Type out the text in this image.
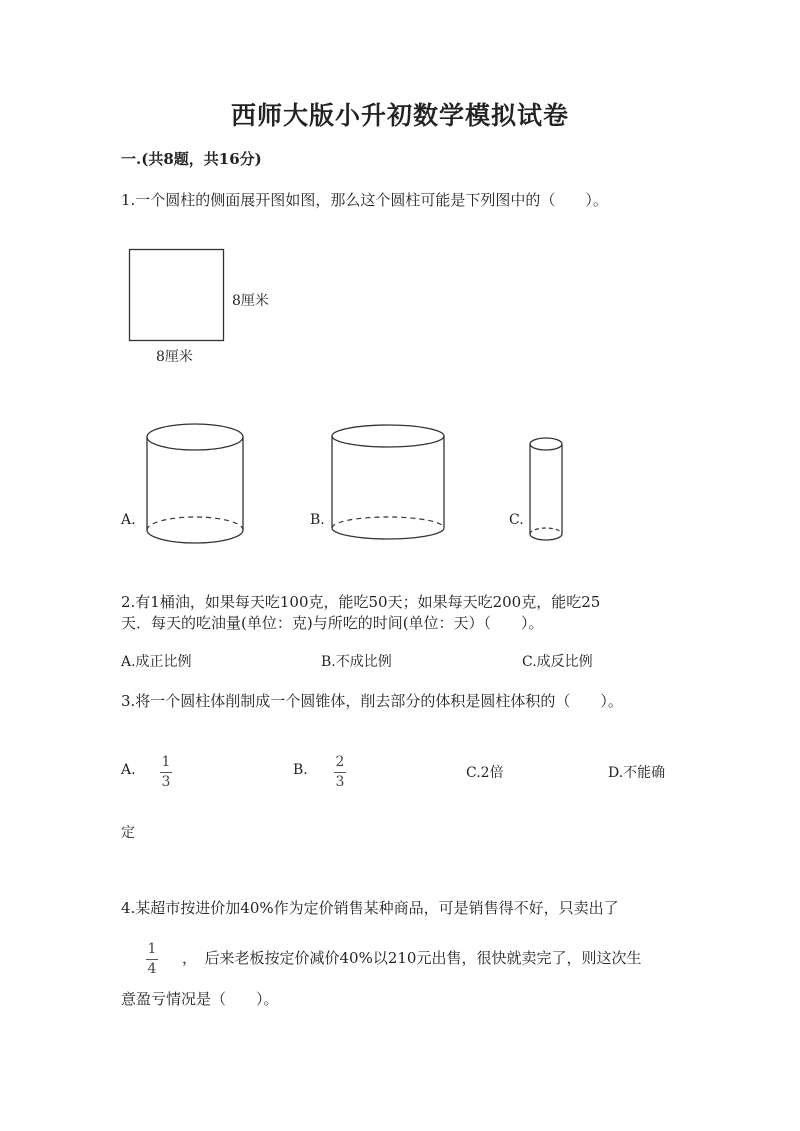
西师大版小升初数学模拟试卷
一.(共8题，共16分)
1.一个圆柱的侧面展开图如图，那么这个圆柱可能是下列图中的（　　）。
8厘米
8厘米
A.	B.	C.
2.有1桶油，如果每天吃100克，能吃50天；如果每天吃200克，能吃25
天．每天的吃油量(单位：克)与所吃的时间(单位：天）（　　）。
A.成正比例	B.不成比例	C.成反比例
3.将一个圆柱体削制成一个圆锥体，削去部分的体积是圆柱体积的（　　）。
A. 1
3
B. 2
3
C.2倍	D.不能确
定
4.某超市按进价加40%作为定价销售某种商品，可是销售得不好，只卖出了
1
4
，　后来老板按定价减价40%以210元出售，很快就卖完了，则这次生
意盈亏情况是（　　）。
